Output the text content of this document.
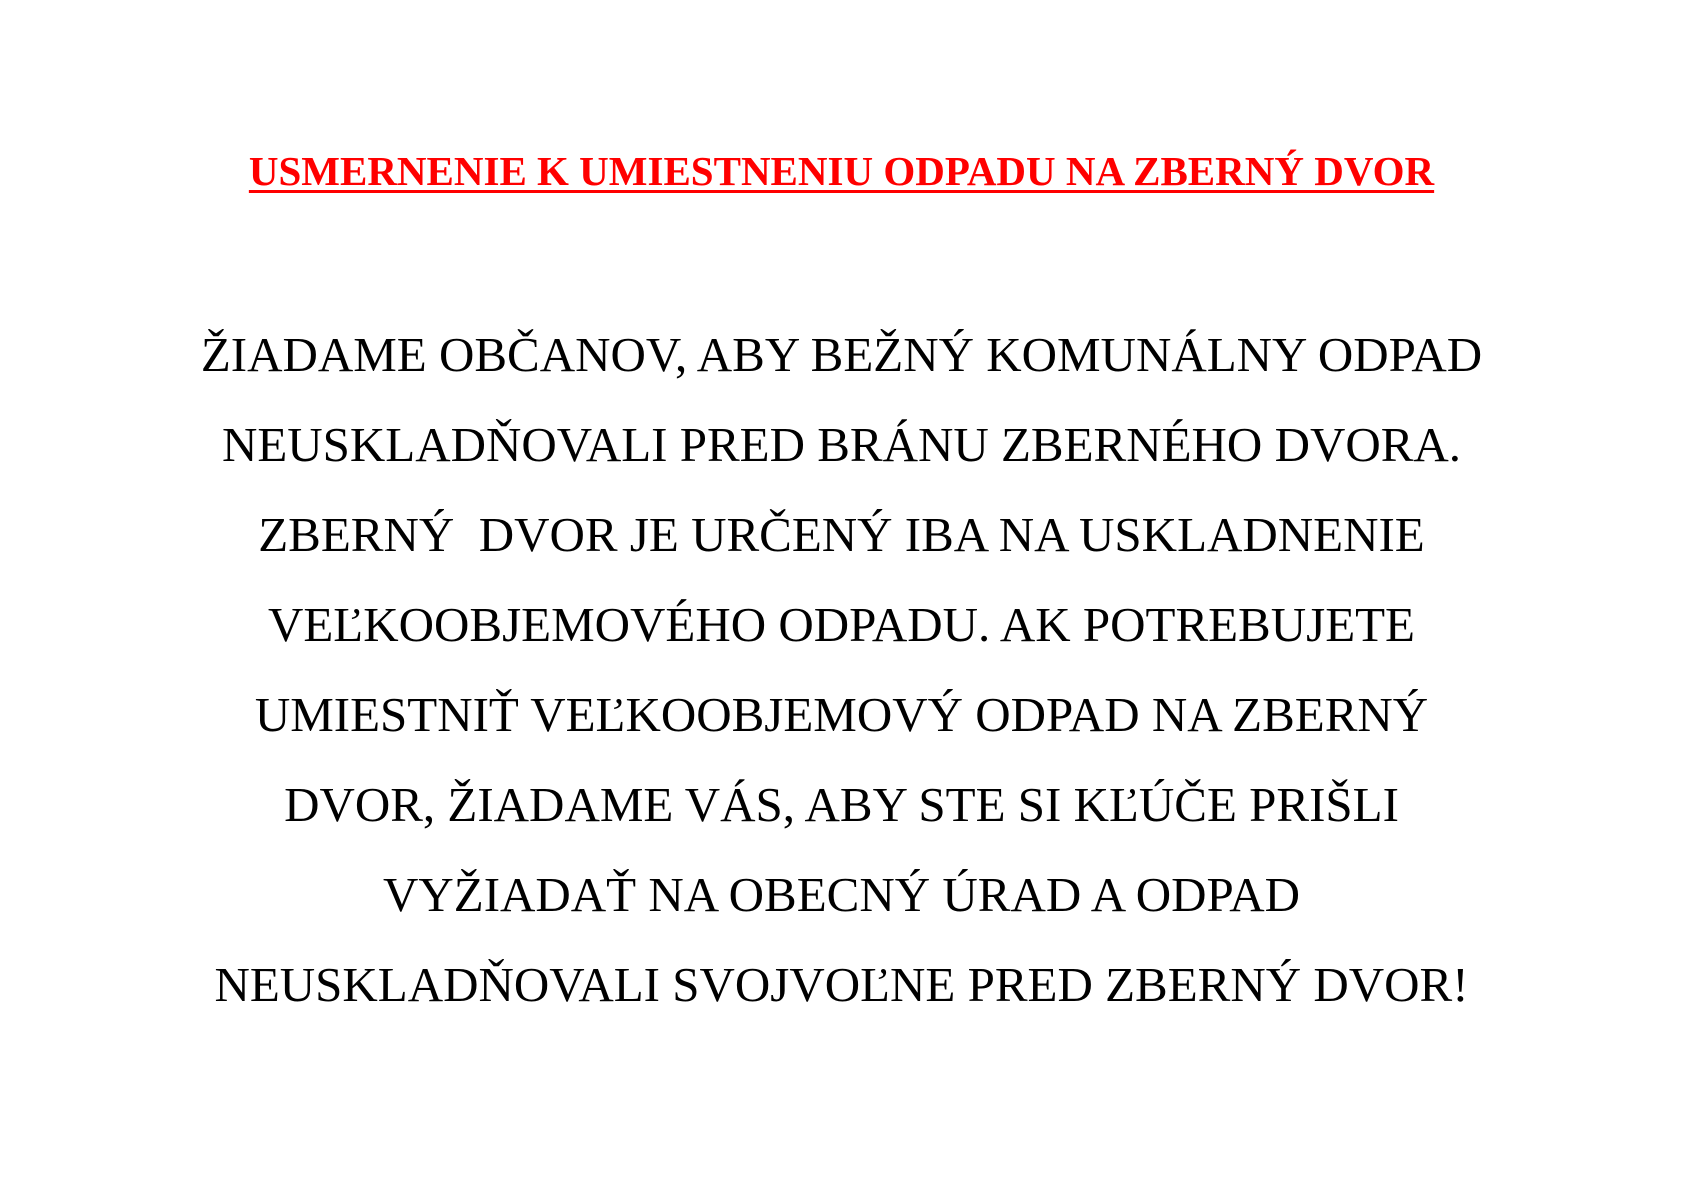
USMERNENIE K UMIESTNENIU ODPADU NA ZBERNÝ DVOR
ŽIADAME OBČANOV, ABY BEŽNÝ KOMUNÁLNY ODPAD
NEUSKLADŇOVALI PRED BRÁNU ZBERNÉHO DVORA.
ZBERNÝ  DVOR JE URČENÝ IBA NA USKLADNENIE
VEĽKOOBJEMOVÉHO ODPADU. AK POTREBUJETE
UMIESTNIŤ VEĽKOOBJEMOVÝ ODPAD NA ZBERNÝ
DVOR, ŽIADAME VÁS, ABY STE SI KĽÚČE PRIŠLI
VYŽIADAŤ NA OBECNÝ ÚRAD A ODPAD
NEUSKLADŇOVALI SVOJVOĽNE PRED ZBERNÝ DVOR!
